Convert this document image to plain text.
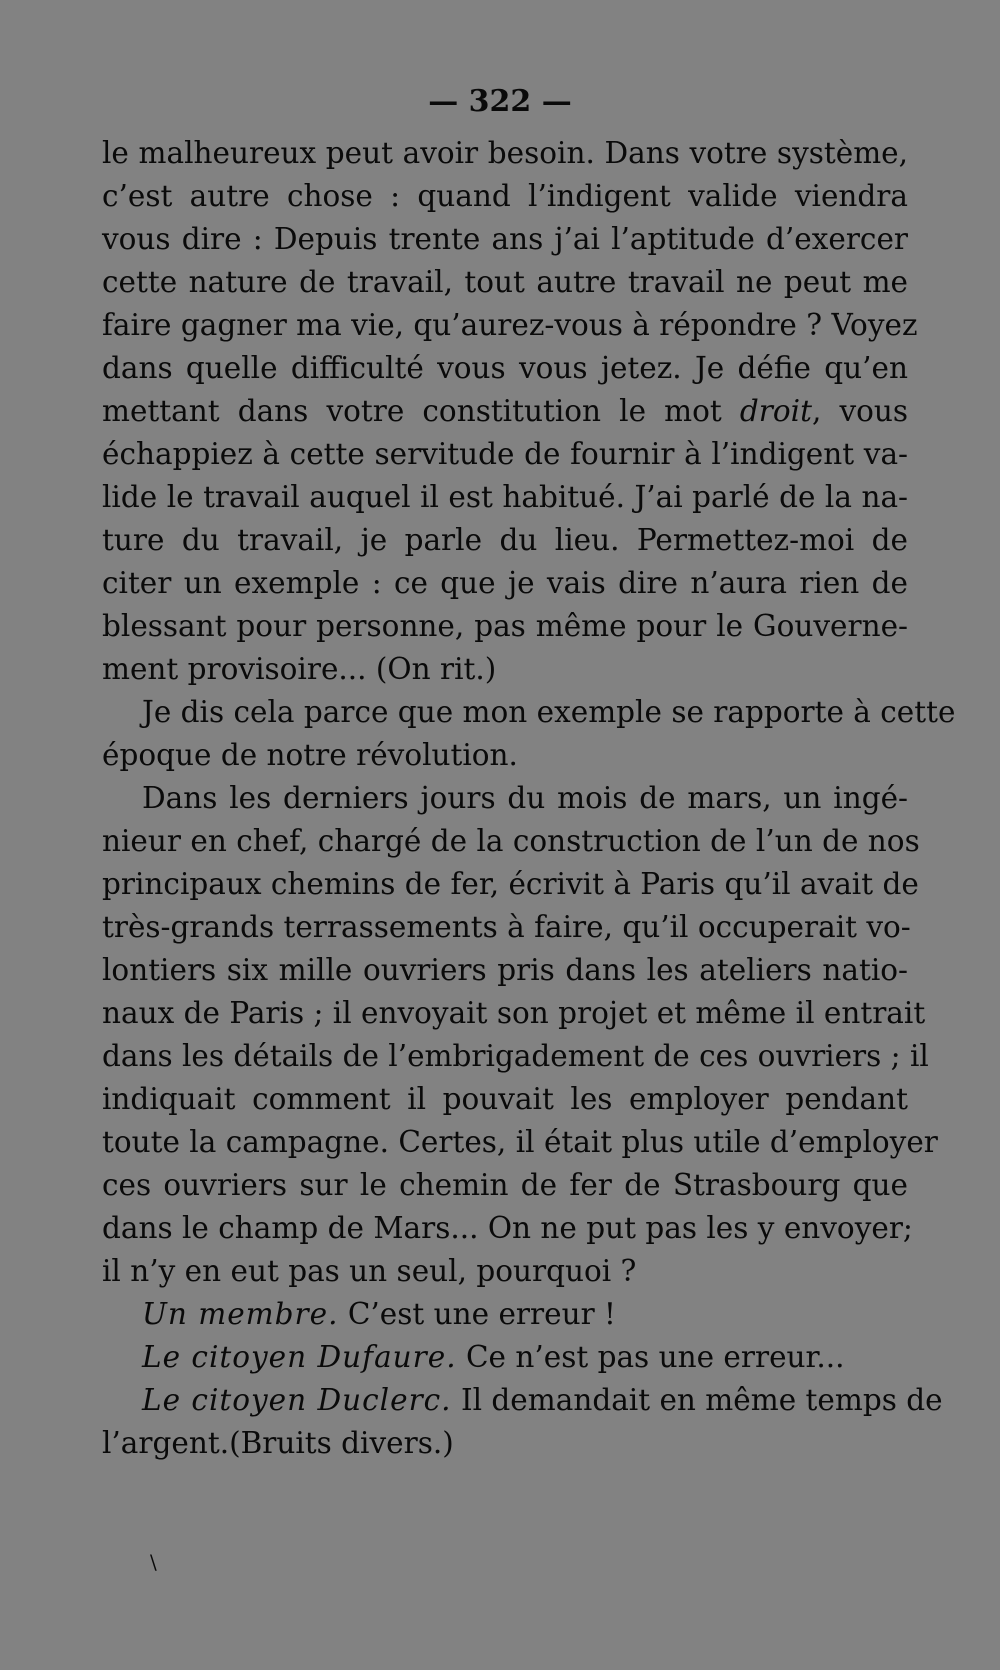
— 322 —
le malheureux peut avoir besoin. Dans votre système,
c’est autre chose : quand l’indigent valide viendra
vous dire : Depuis trente ans j’ai l’aptitude d’exercer
cette nature de travail, tout autre travail ne peut me
faire gagner ma vie, qu’aurez-vous à répondre ? Voyez
dans quelle difficulté vous vous jetez. Je défie qu’en
mettant dans votre constitution le mot droit, vous
échappiez à cette servitude de fournir à l’indigent va-
lide le travail auquel il est habitué. J’ai parlé de la na-
ture du travail, je parle du lieu. Permettez-moi de
citer un exemple : ce que je vais dire n’aura rien de
blessant pour personne, pas même pour le Gouverne-
ment provisoire... (On rit.)
Je dis cela parce que mon exemple se rapporte à cette
époque de notre révolution.
Dans les derniers jours du mois de mars, un ingé-
nieur en chef, chargé de la construction de l’un de nos
principaux chemins de fer, écrivit à Paris qu’il avait de
très-grands terrassements à faire, qu’il occuperait vo-
lontiers six mille ouvriers pris dans les ateliers natio-
naux de Paris ; il envoyait son projet et même il entrait
dans les détails de l’embrigadement de ces ouvriers ; il
indiquait comment il pouvait les employer pendant
toute la campagne. Certes, il était plus utile d’employer
ces ouvriers sur le chemin de fer de Strasbourg que
dans le champ de Mars... On ne put pas les y envoyer;
il n’y en eut pas un seul, pourquoi ?
Un membre. C’est une erreur !
Le citoyen Dufaure. Ce n’est pas une erreur...
Le citoyen Duclerc. Il demandait en même temps de
l’argent.(Bruits divers.)
\
